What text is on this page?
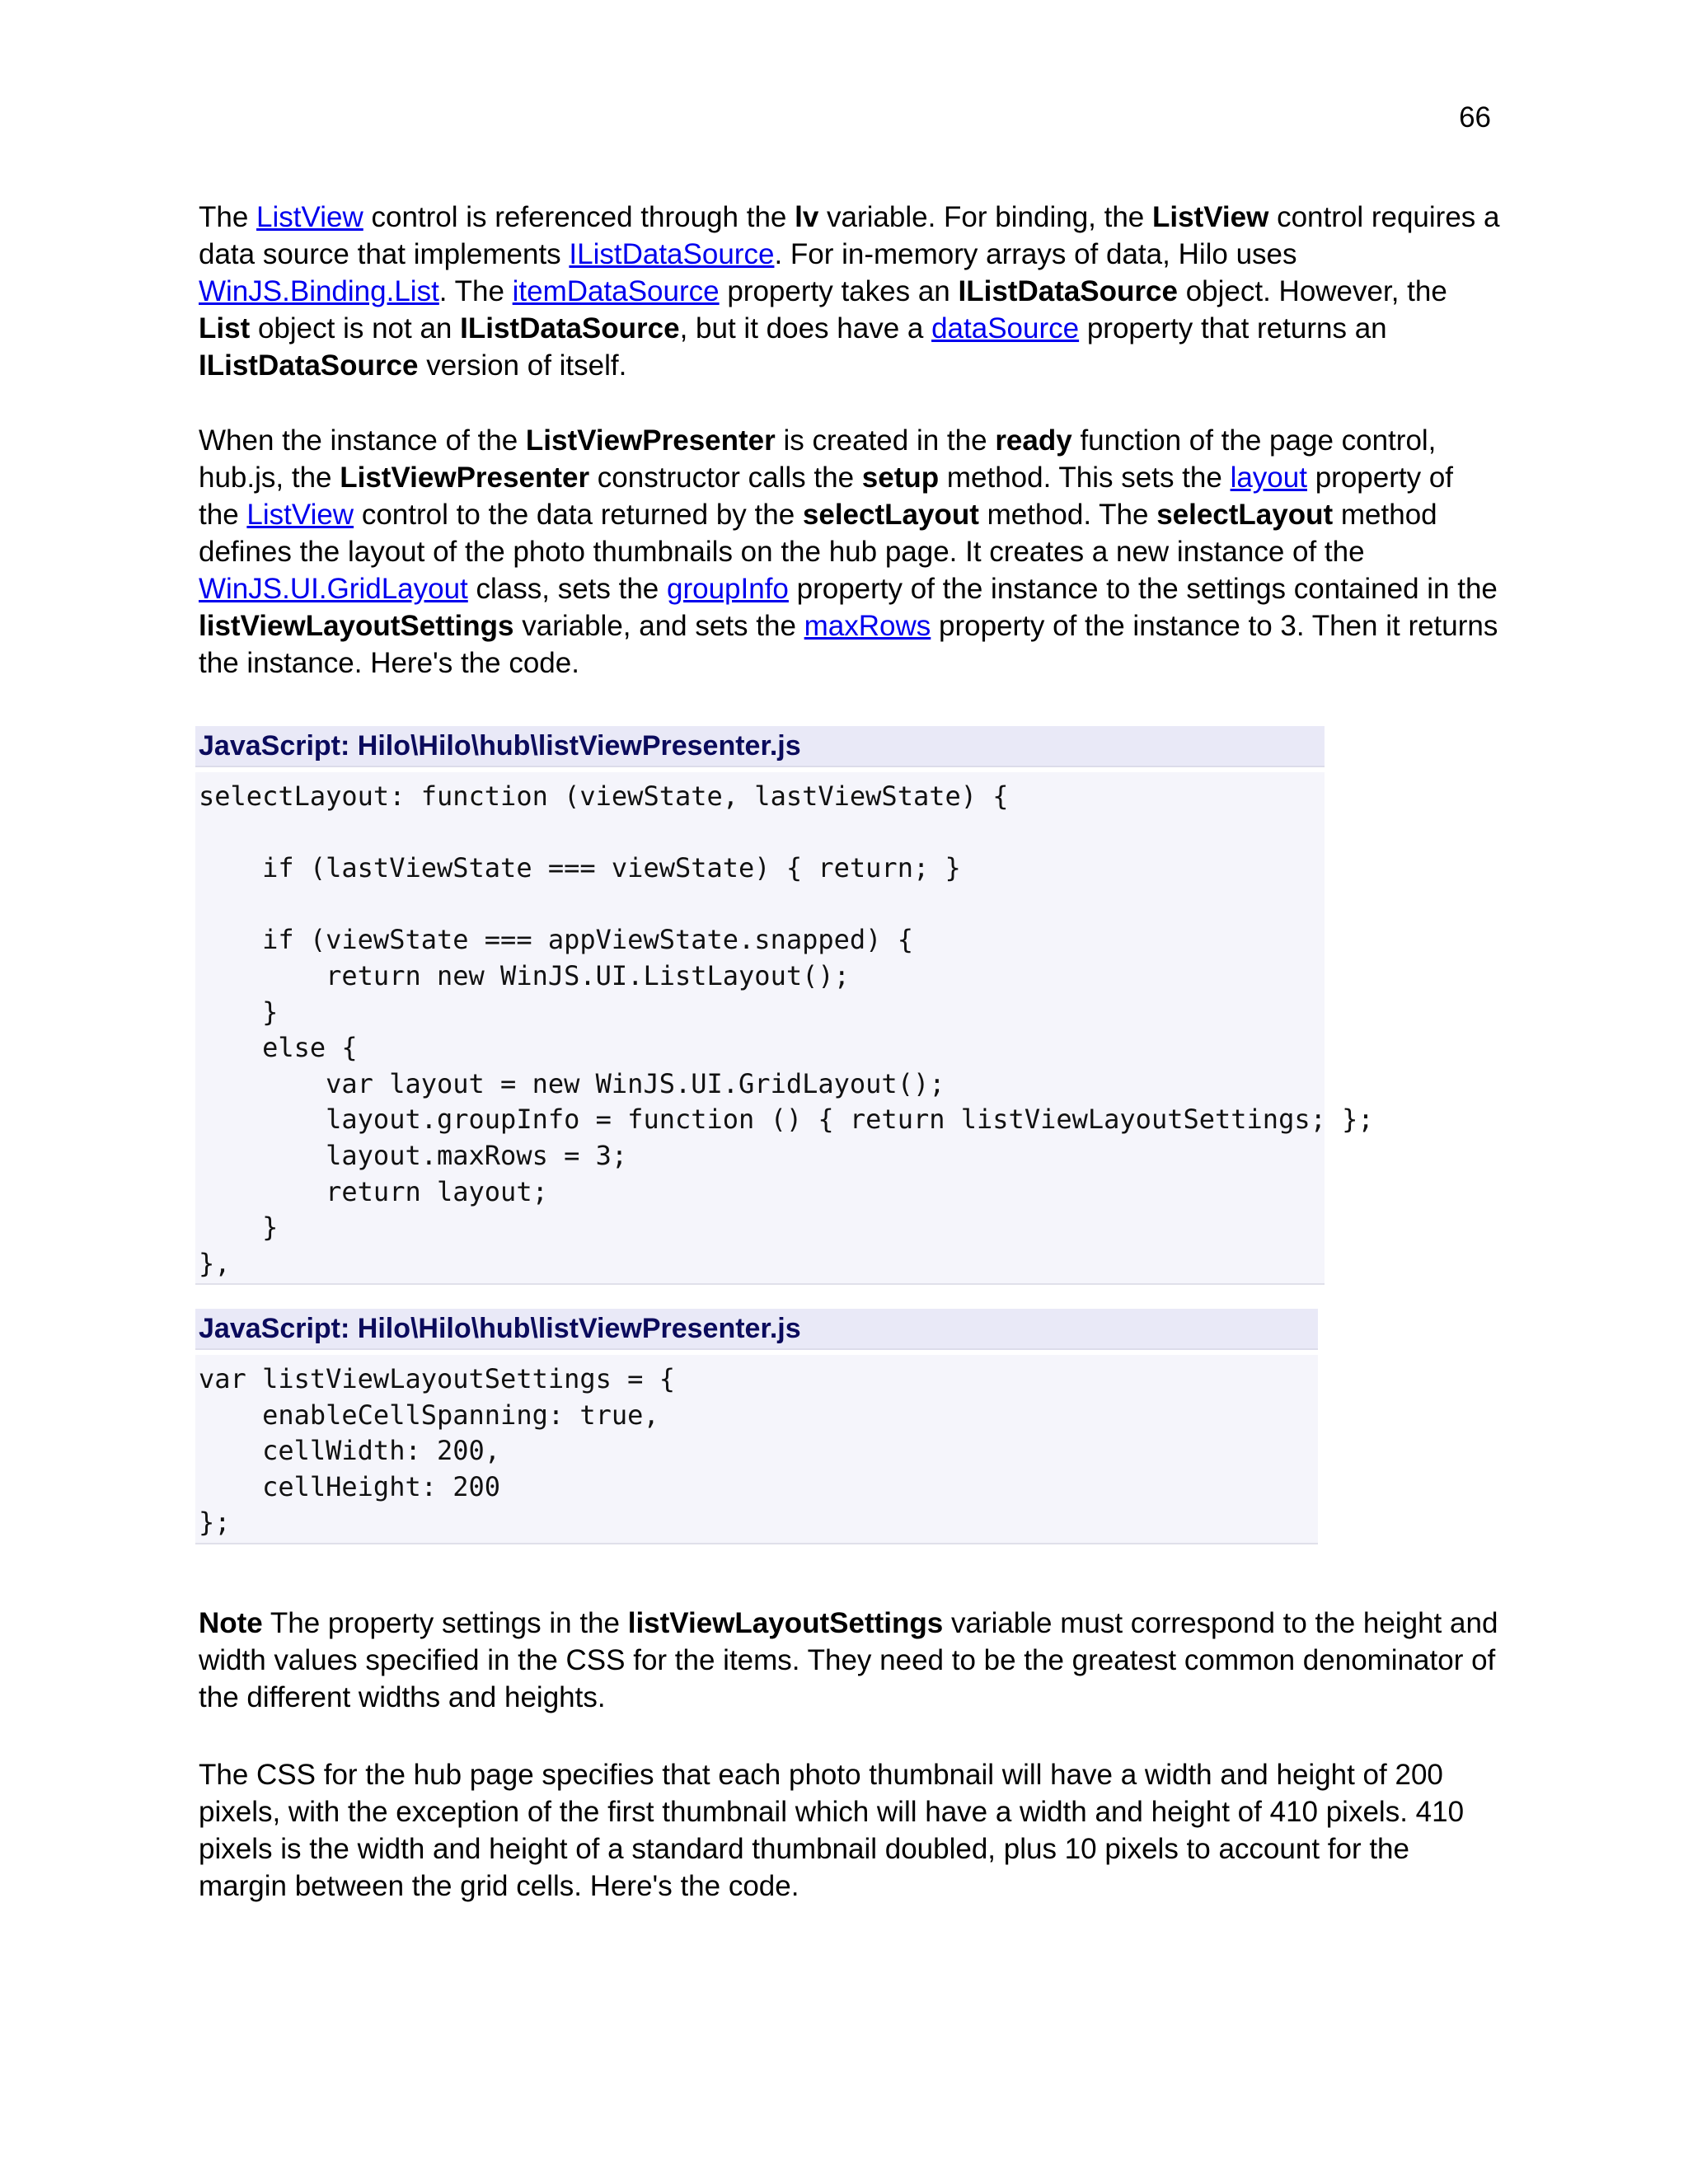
66

The ListView control is referenced through the lv variable. For binding, the ListView control requires a data source that implements IListDataSource. For in-memory arrays of data, Hilo uses WinJS.Binding.List. The itemDataSource property takes an IListDataSource object. However, the List object is not an IListDataSource, but it does have a dataSource property that returns an IListDataSource version of itself.

When the instance of the ListViewPresenter is created in the ready function of the page control, hub.js, the ListViewPresenter constructor calls the setup method. This sets the layout property of the ListView control to the data returned by the selectLayout method. The selectLayout method defines the layout of the photo thumbnails on the hub page. It creates a new instance of the WinJS.UI.GridLayout class, sets the groupInfo property of the instance to the settings contained in the listViewLayoutSettings variable, and sets the maxRows property of the instance to 3. Then it returns the instance. Here's the code.

JavaScript: Hilo\Hilo\hub\listViewPresenter.js
selectLayout: function (viewState, lastViewState) {

if (lastViewState === viewState) { return; }

if (viewState === appViewState.snapped) {
return new WinJS.UI.ListLayout();
}
else {
var layout = new WinJS.UI.GridLayout();
layout.groupInfo = function () { return listViewLayoutSettings; };
layout.maxRows = 3;
return layout;
}
},
JavaScript: Hilo\Hilo\hub\listViewPresenter.js
var listViewLayoutSettings = {
enableCellSpanning: true,
cellWidth: 200,
cellHeight: 200
};

Note The property settings in the listViewLayoutSettings variable must correspond to the height and width values specified in the CSS for the items. They need to be the greatest common denominator of the different widths and heights.

The CSS for the hub page specifies that each photo thumbnail will have a width and height of 200 pixels, with the exception of the first thumbnail which will have a width and height of 410 pixels. 410 pixels is the width and height of a standard thumbnail doubled, plus 10 pixels to account for the margin between the grid cells. Here's the code.
